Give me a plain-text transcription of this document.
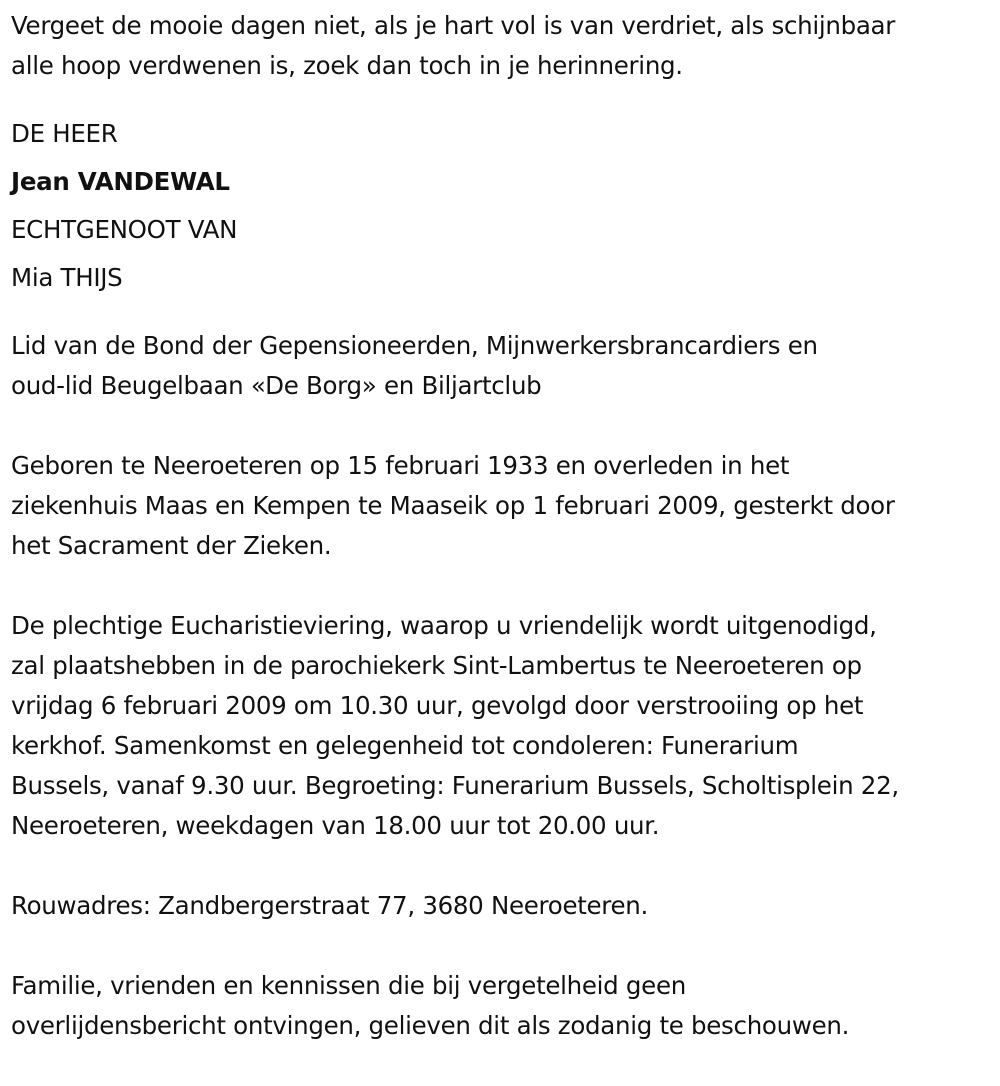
Vergeet de mooie dagen niet, als je hart vol is van verdriet, als schijnbaar
alle hoop verdwenen is, zoek dan toch in je herinnering.
DE HEER
Jean VANDEWAL
ECHTGENOOT VAN
Mia THIJS
Lid van de Bond der Gepensioneerden, Mijnwerkersbrancardiers en
oud-lid Beugelbaan «De Borg» en Biljartclub
Geboren te Neeroeteren op 15 februari 1933 en overleden in het
ziekenhuis Maas en Kempen te Maaseik op 1 februari 2009, gesterkt door
het Sacrament der Zieken.
De plechtige Eucharistieviering, waarop u vriendelijk wordt uitgenodigd,
zal plaatshebben in de parochiekerk Sint-Lambertus te Neeroeteren op
vrijdag 6 februari 2009 om 10.30 uur, gevolgd door verstrooiing op het
kerkhof. Samenkomst en gelegenheid tot condoleren: Funerarium
Bussels, vanaf 9.30 uur. Begroeting: Funerarium Bussels, Scholtisplein 22,
Neeroeteren, weekdagen van 18.00 uur tot 20.00 uur.
Rouwadres: Zandbergerstraat 77, 3680 Neeroeteren.
Familie, vrienden en kennissen die bij vergetelheid geen
overlijdensbericht ontvingen, gelieven dit als zodanig te beschouwen.
